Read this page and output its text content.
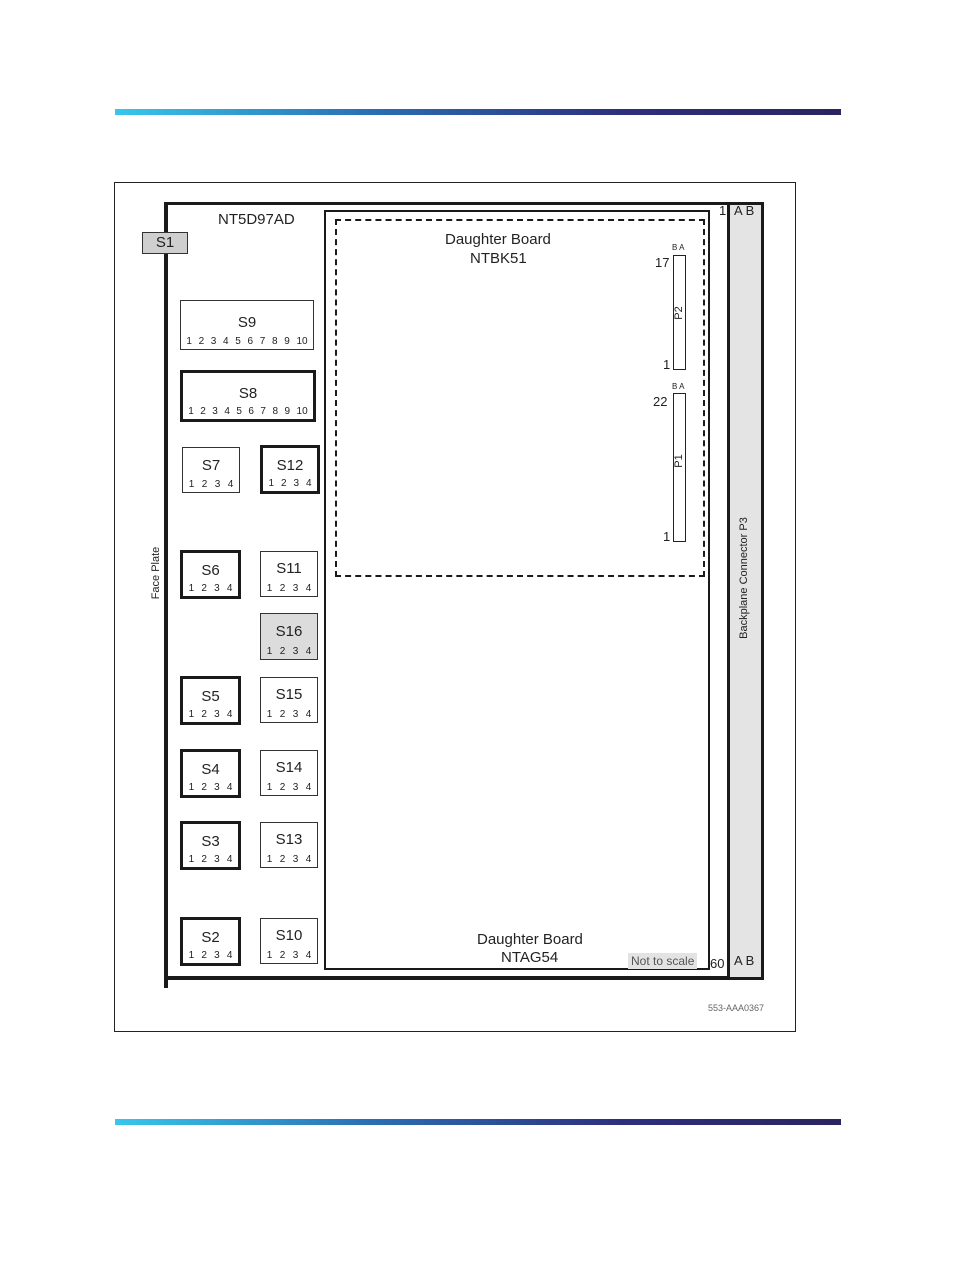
Backplane Connector P3
1 A B
60 A B
S1
Face Plate
NT5D97AD
Daughter Board
NTBK51
P2
B A
17
1
P1
B A
22
1
Daughter Board
NTAG54	Not to scale
553-AAA0367
S9
1 2 3 4 5 6 7 8 9 10
S8
1 2 3 4 5 6 7 8 9 10
S7
1 2 3 4
S12
1 2 3 4
S6
1 2 3 4
S11
1 2 3 4
S16
1 2 3 4
S5
1 2 3 4
S15
1 2 3 4
S4
1 2 3 4
S14
1 2 3 4
S3
1 2 3 4
S13
1 2 3 4
S2
1 2 3 4
S10
1 2 3 4
